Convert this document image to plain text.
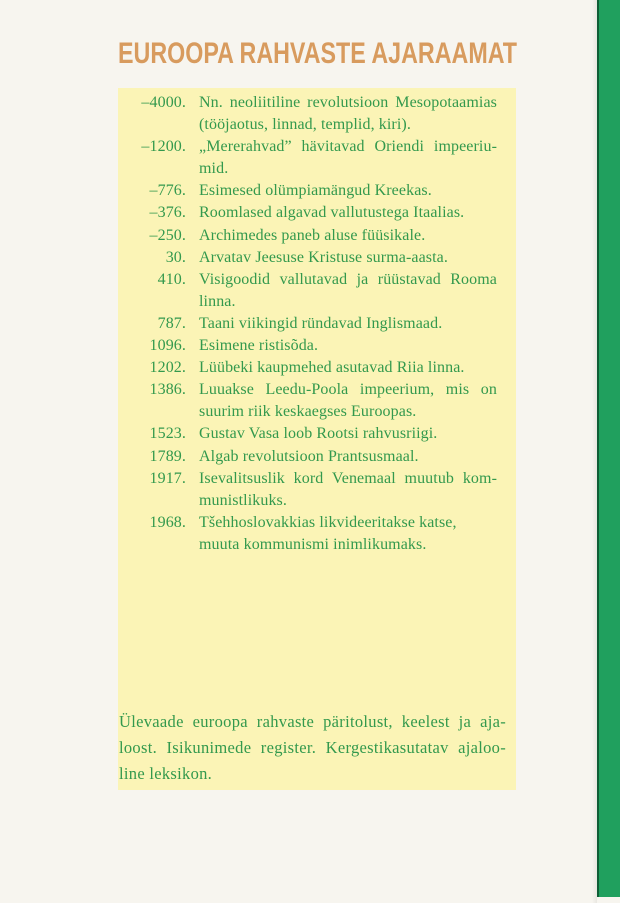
EUROOPA RAHVASTE AJARAAMAT
–4000. Nn. neoliitiline revolutsioon Mesopotaamias
(tööjaotus, linnad, templid, kiri).
–1200. „Mererahvad” hävitavad Oriendi impeeriu-
mid.
–776. Esimesed olümpiamängud Kreekas.
–376. Roomlased algavad vallutustega Itaalias.
–250. Archimedes paneb aluse füüsikale.
30. Arvatav Jeesuse Kristuse surma-aasta.
410. Visigoodid vallutavad ja rüüstavad Rooma
linna.
787. Taani viikingid ründavad Inglismaad.
1096. Esimene ristisõda.
1202. Lüübeki kaupmehed asutavad Riia linna.
1386. Luuakse Leedu-Poola impeerium, mis on
suurim riik keskaegses Euroopas.
1523. Gustav Vasa loob Rootsi rahvusriigi.
1789. Algab revolutsioon Prantsusmaal.
1917. Isevalitsuslik kord Venemaal muutub kom-
munistlikuks.
1968. Tšehhoslovakkias likvideeritakse katse,
muuta kommunismi inimlikumaks.
Ülevaade euroopa rahvaste päritolust, keelest ja aja-
loost. Isikunimede register. Kergestikasutatav ajaloo-
line leksikon.
